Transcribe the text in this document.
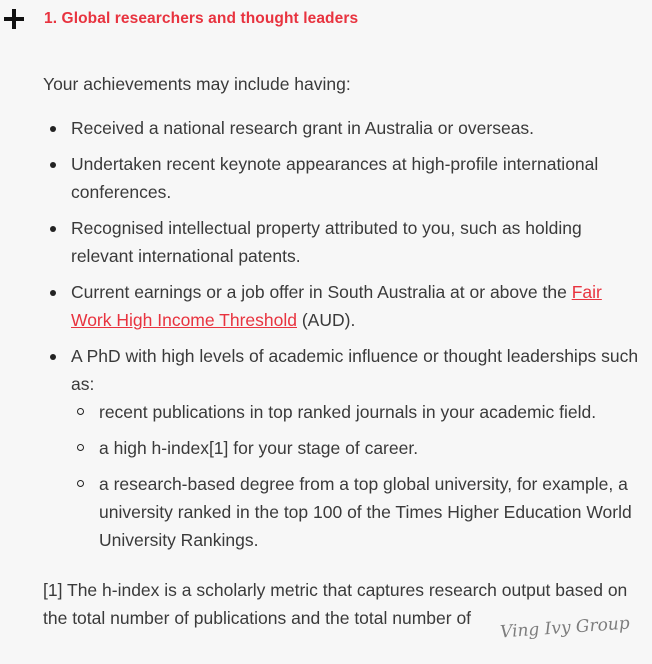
1. Global researchers and thought leaders

Your achievements may include having:

Received a national research grant in Australia or overseas.
Undertaken recent keynote appearances at high-profile international conferences.
Recognised intellectual property attributed to you, such as holding relevant international patents.
Current earnings or a job offer in South Australia at or above the Fair Work High Income Threshold (AUD).
A PhD with high levels of academic influence or thought leaderships such as:
recent publications in top ranked journals in your academic field.
a high h-index[1] for your stage of career.
a research-based degree from a top global university, for example, a university ranked in the top 100 of the Times Higher Education World University Rankings.

[1] The h-index is a scholarly metric that captures research output based on the total number of publications and the total number of	Ving Ivy Group
